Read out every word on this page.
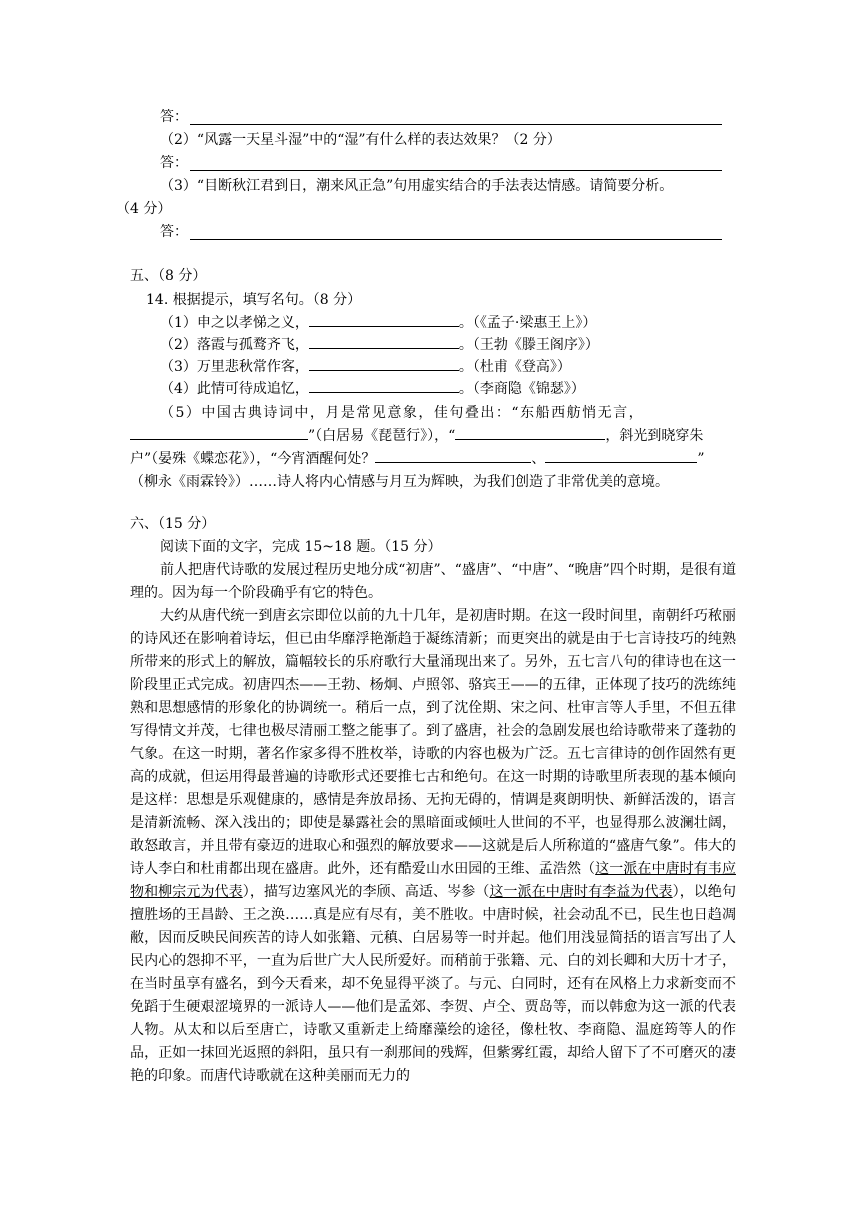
答：
（2）“风露一天星斗湿”中的“湿”有什么样的表达效果？（2 分）
答：
（3）“目断秋江君到日，潮来风正急”句用虚实结合的手法表达情感。请简要分析。
（4 分）
答：
五、（8 分）
14. 根据提示，填写名句。（8 分）
（1）申之以孝悌之义，	。（《孟子·梁惠王上》）
（2）落霞与孤鹜齐飞，	。（王勃《滕王阁序》）
（3）万里悲秋常作客，	。（杜甫《登高》）
（4）此情可待成追忆，	。（李商隐《锦瑟》）
（5）中国古典诗词中，月是常见意象，佳句叠出：“东船西舫悄无言，
”（白居易《琵琶行》），“	，斜光到晓穿朱
户”（晏殊《蝶恋花》），“今宵酒醒何处？	、	”
（柳永《雨霖铃》）……诗人将内心情感与月互为辉映，为我们创造了非常优美的意境。
六、（15 分）
阅读下面的文字，完成 15~18 题。（15 分）
前人把唐代诗歌的发展过程历史地分成“初唐”、“盛唐”、“中唐”、“晚唐”四个时期，是很有道理的。因为每一个阶段确乎有它的特色。
大约从唐代统一到唐玄宗即位以前的九十几年，是初唐时期。在这一段时间里，南朝纤巧秾丽的诗风还在影响着诗坛，但已由华靡浮艳渐趋于凝练清新；而更突出的就是由于七言诗技巧的纯熟所带来的形式上的解放，篇幅较长的乐府歌行大量涌现出来了。另外，五七言八句的律诗也在这一阶段里正式完成。初唐四杰——王勃、杨炯、卢照邻、骆宾王——的五律，正体现了技巧的洗练纯熟和思想感情的形象化的协调统一。稍后一点，到了沈佺期、宋之问、杜审言等人手里，不但五律写得情文并茂，七律也极尽清丽工整之能事了。到了盛唐，社会的急剧发展也给诗歌带来了蓬勃的气象。在这一时期，著名作家多得不胜枚举，诗歌的内容也极为广泛。五七言律诗的创作固然有更高的成就，但运用得最普遍的诗歌形式还要推七古和绝句。在这一时期的诗歌里所表现的基本倾向是这样：思想是乐观健康的，感情是奔放昂扬、无拘无碍的，情调是爽朗明快、新鲜活泼的，语言是清新流畅、深入浅出的；即使是暴露社会的黑暗面或倾吐人世间的不平，也显得那么波澜壮阔，敢怒敢言，并且带有豪迈的进取心和强烈的解放要求——这就是后人所称道的“盛唐气象”。伟大的诗人李白和杜甫都出现在盛唐。此外，还有酷爱山水田园的王维、孟浩然（这一派在中唐时有韦应物和柳宗元为代表），描写边塞风光的李颀、高适、岑参（这一派在中唐时有李益为代表），以绝句擅胜场的王昌龄、王之涣……真是应有尽有，美不胜收。中唐时候，社会动乱不已，民生也日趋凋敝，因而反映民间疾苦的诗人如张籍、元稹、白居易等一时并起。他们用浅显简括的语言写出了人民内心的怨抑不平，一直为后世广大人民所爱好。而稍前于张籍、元、白的刘长卿和大历十才子，在当时虽享有盛名，到今天看来，却不免显得平淡了。与元、白同时，还有在风格上力求新变而不免蹈于生硬艰涩境界的一派诗人——他们是孟郊、李贺、卢仝、贾岛等，而以韩愈为这一派的代表人物。从太和以后至唐亡，诗歌又重新走上绮靡藻绘的途径，像杜牧、李商隐、温庭筠等人的作品，正如一抹回光返照的斜阳，虽只有一刹那间的残辉，但紫雾红霞，却给人留下了不可磨灭的凄艳的印象。而唐代诗歌就在这种美丽而无力的
